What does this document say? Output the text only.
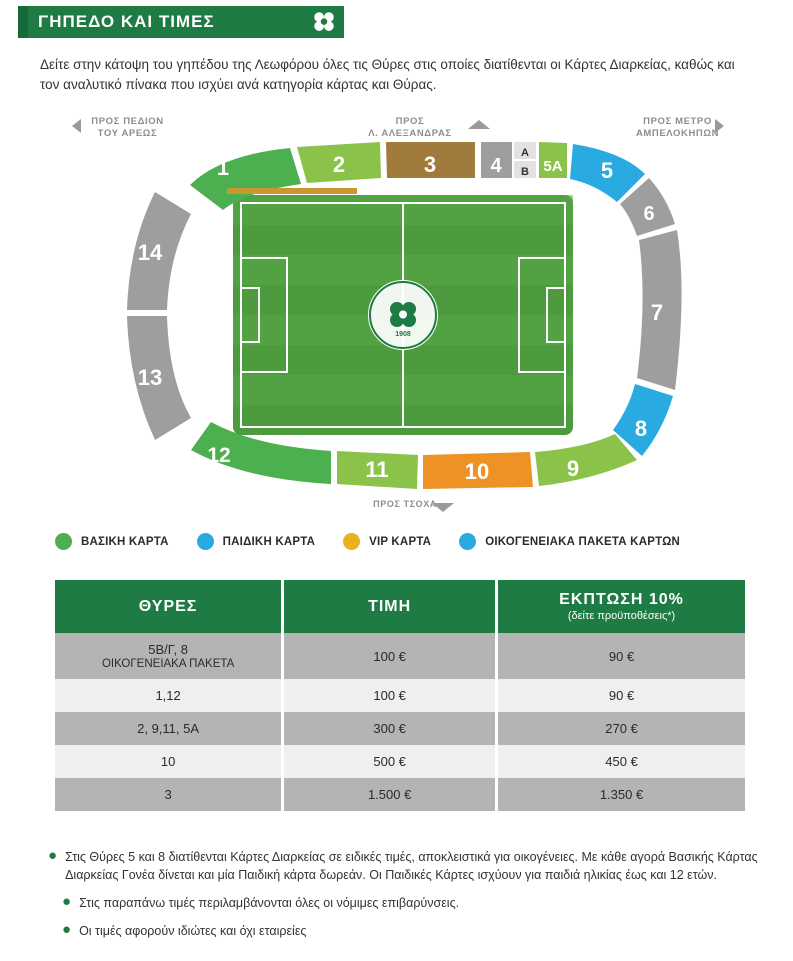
ΓΗΠΕΔΟ ΚΑΙ ΤΙΜΕΣ
Δείτε στην κάτοψη του γηπέδου της Λεωφόρου όλες τις Θύρες στις οποίες διατίθενται οι Κάρτες Διαρκείας, καθώς και τον αναλυτικό πίνακα που ισχύει ανά κατηγορία κάρτας και Θύρας.
ΠΡΟΣ ΠΕΔΙΟΝ
ΤΟΥ ΑΡΕΩΣ
ΠΡΟΣ
Λ. ΑΛΕΞΑΝΔΡΑΣ
ΠΡΟΣ ΜΕΤΡΟ
ΑΜΠΕΛΟΚΗΠΩΝ
ΠΡΟΣ ΤΣΟΧΑ
1908
1	2	3	4
A
B 5A 5
6
7
8
9
10
11
12
13
14
ΒΑΣΙΚΗ ΚΑΡΤΑ	ΠΑΙΔΙΚΗ ΚΑΡΤΑ	VIP ΚΑΡΤΑ	ΟΙΚΟΓΕΝΕΙΑΚΑ ΠΑΚΕΤΑ ΚΑΡΤΩΝ
ΘΥΡΕΣ	ΤΙΜΗ	ΕΚΠΤΩΣΗ 10%
(δείτε προϋποθέσεις*)

5Β/Γ, 8
ΟΙΚΟΓΕΝΕΙΑΚΑ ΠΑΚΕΤΑ	100 €	90 €
1,12	100 €	90 €
2, 9,11, 5Α	300 €	270 €
10	500 €	450 €
3	1.500 €	1.350 €
● Στις Θύρες 5 και 8 διατίθενται Κάρτες Διαρκείας σε ειδικές τιμές, αποκλειστικά για οικογένειες. Με κάθε αγορά Βασικής Κάρτας Διαρκείας Γονέα δίνεται και μία Παιδική κάρτα δωρεάν. Οι Παιδικές Κάρτες ισχύουν για παιδιά ηλικίας έως και 12 ετών.
● Στις παραπάνω τιμές περιλαμβάνονται όλες οι νόμιμες επιβαρύνσεις.
● Οι τιμές αφορούν ιδιώτες και όχι εταιρείες
